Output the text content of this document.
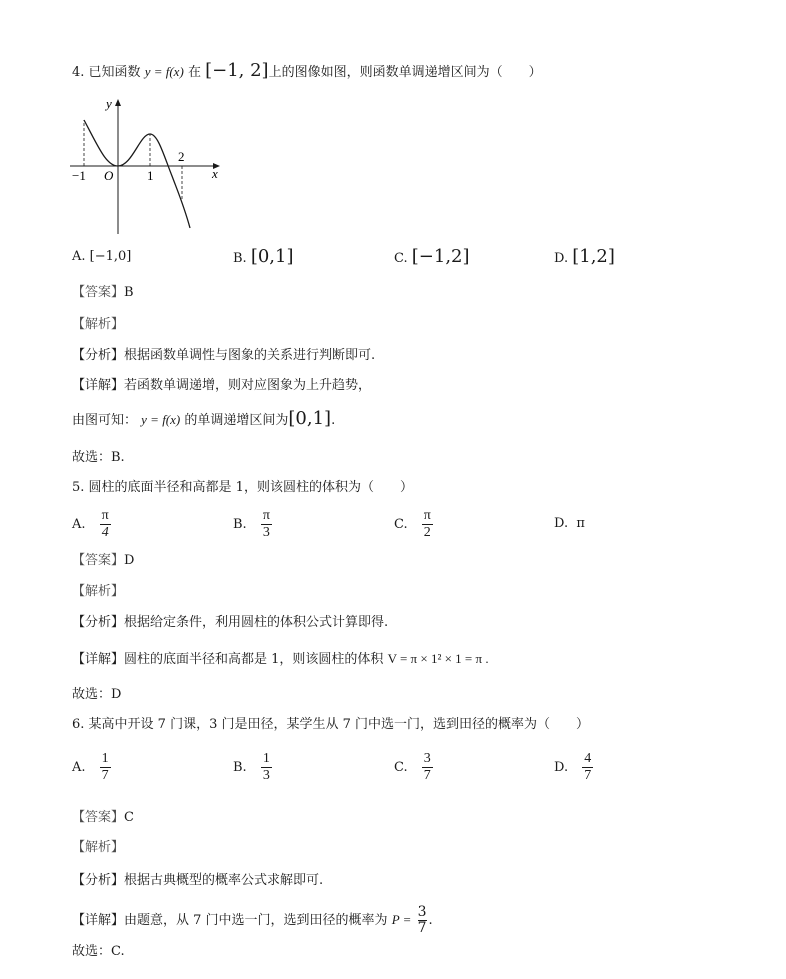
4. 已知函数 y = f(x) 在 [−1, 2]上的图像如图，则函数单调递增区间为（　　）
y
x
O
−1	1
2
A. [−1,0]	B. [0,1]	C. [−1,2]	D. [1,2]
【答案】B
【解析】
【分析】根据函数单调性与图象的关系进行判断即可.
【详解】若函数单调递增，则对应图象为上升趋势，
由图可知： y = f(x) 的单调递增区间为[0,1].
故选：B.
5. 圆柱的底面半径和高都是 1，则该圆柱的体积为（　　）
A. $\frac{\pi}{4}$	B. $\frac{\pi}{3}$	C. $\frac{\pi}{2}$	D. π
【答案】D
【解析】
【分析】根据给定条件，利用圆柱的体积公式计算即得.
【详解】圆柱的底面半径和高都是 1，则该圆柱的体积 V = π × 1² × 1 = π .
故选：D
6. 某高中开设 7 门课，3 门是田径，某学生从 7 门中选一门，选到田径的概率为（　　）
A. $\frac{1}{7}$	B. $\frac{1}{3}$	C. $\frac{3}{7}$	D. $\frac{4}{7}$
【答案】C
【解析】
【分析】根据古典概型的概率公式求解即可.
【详解】由题意，从 7 门中选一门，选到田径的概率为 $P = \frac{3}{7}$ .
故选：C.
